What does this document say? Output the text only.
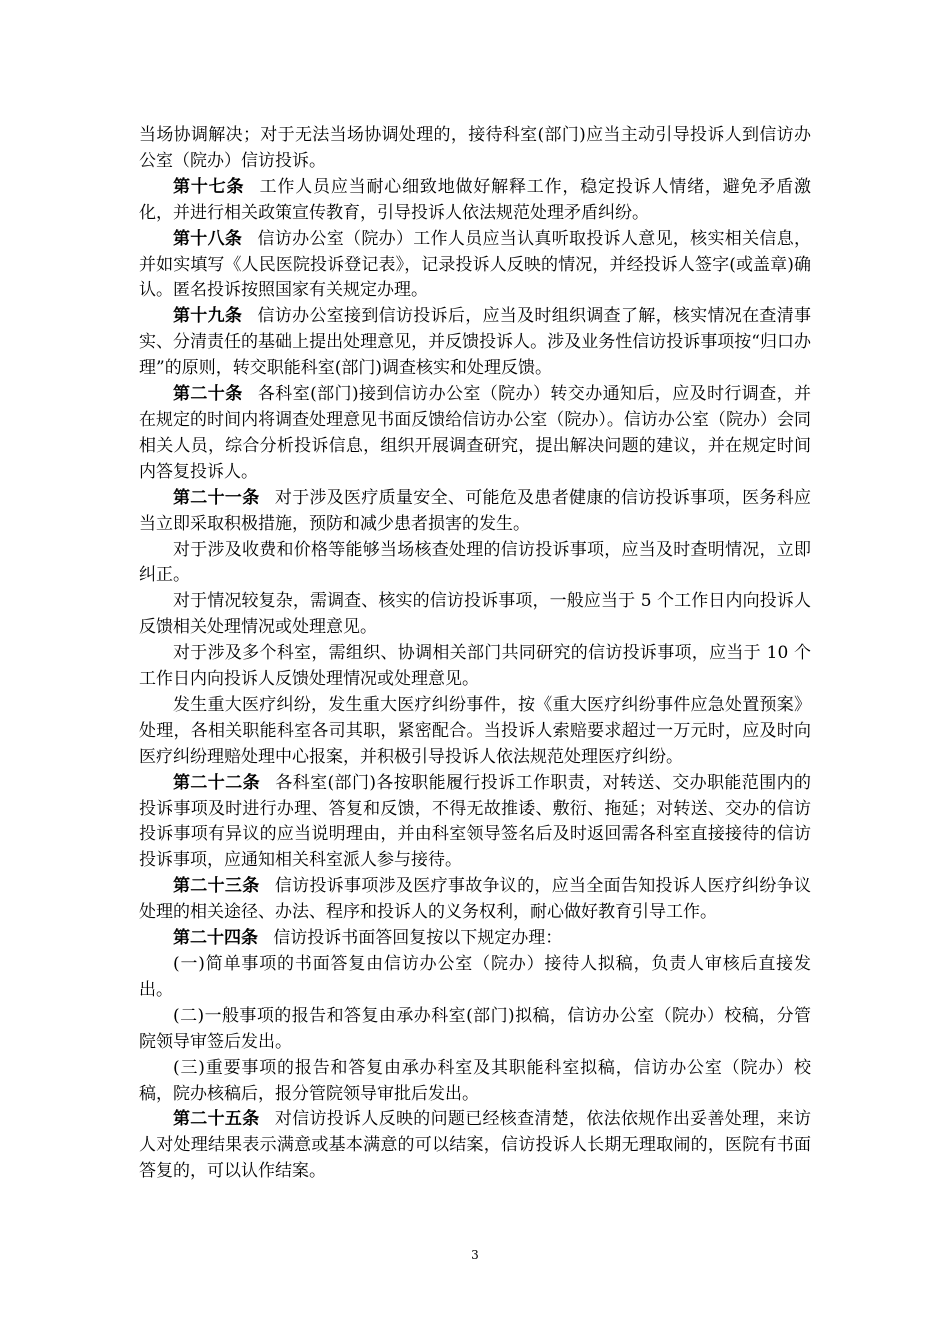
当场协调解决；对于无法当场协调处理的，接待科室(部门)应当主动引导投诉人到信访办公室（院办）信访投诉。

第十七条 工作人员应当耐心细致地做好解释工作，稳定投诉人情绪，避免矛盾激化，并进行相关政策宣传教育，引导投诉人依法规范处理矛盾纠纷。

第十八条 信访办公室（院办）工作人员应当认真听取投诉人意见，核实相关信息，并如实填写《人民医院投诉登记表》，记录投诉人反映的情况，并经投诉人签字(或盖章)确认。匿名投诉按照国家有关规定办理。

第十九条 信访办公室接到信访投诉后，应当及时组织调查了解，核实情况在查清事实、分清责任的基础上提出处理意见，并反馈投诉人。涉及业务性信访投诉事项按“归口办理”的原则，转交职能科室(部门)调查核实和处理反馈。

第二十条 各科室(部门)接到信访办公室（院办）转交办通知后，应及时行调查，并在规定的时间内将调查处理意见书面反馈给信访办公室（院办）。信访办公室（院办）会同相关人员，综合分析投诉信息，组织开展调查研究，提出解决问题的建议，并在规定时间内答复投诉人。

第二十一条 对于涉及医疗质量安全、可能危及患者健康的信访投诉事项，医务科应当立即采取积极措施，预防和减少患者损害的发生。

对于涉及收费和价格等能够当场核查处理的信访投诉事项，应当及时查明情况，立即纠正。

对于情况较复杂，需调查、核实的信访投诉事项，一般应当于 5 个工作日内向投诉人反馈相关处理情况或处理意见。

对于涉及多个科室，需组织、协调相关部门共同研究的信访投诉事项，应当于 10 个工作日内向投诉人反馈处理情况或处理意见。

发生重大医疗纠纷，发生重大医疗纠纷事件，按《重大医疗纠纷事件应急处置预案》处理，各相关职能科室各司其职，紧密配合。当投诉人索赔要求超过一万元时，应及时向医疗纠纷理赔处理中心报案，并积极引导投诉人依法规范处理医疗纠纷。

第二十二条 各科室(部门)各按职能履行投诉工作职责，对转送、交办职能范围内的投诉事项及时进行办理、答复和反馈，不得无故推诿、敷衍、拖延；对转送、交办的信访投诉事项有异议的应当说明理由，并由科室领导签名后及时返回需各科室直接接待的信访投诉事项，应通知相关科室派人参与接待。

第二十三条 信访投诉事项涉及医疗事故争议的，应当全面告知投诉人医疗纠纷争议处理的相关途径、办法、程序和投诉人的义务权利，耐心做好教育引导工作。

第二十四条 信访投诉书面答回复按以下规定办理：

(一)简单事项的书面答复由信访办公室（院办）接待人拟稿，负责人审核后直接发出。

(二)一般事项的报告和答复由承办科室(部门)拟稿，信访办公室（院办）校稿，分管院领导审签后发出。

(三)重要事项的报告和答复由承办科室及其职能科室拟稿，信访办公室（院办）校稿，院办核稿后，报分管院领导审批后发出。

第二十五条 对信访投诉人反映的问题已经核查清楚，依法依规作出妥善处理，来访人对处理结果表示满意或基本满意的可以结案，信访投诉人长期无理取闹的，医院有书面答复的，可以认作结案。

3
